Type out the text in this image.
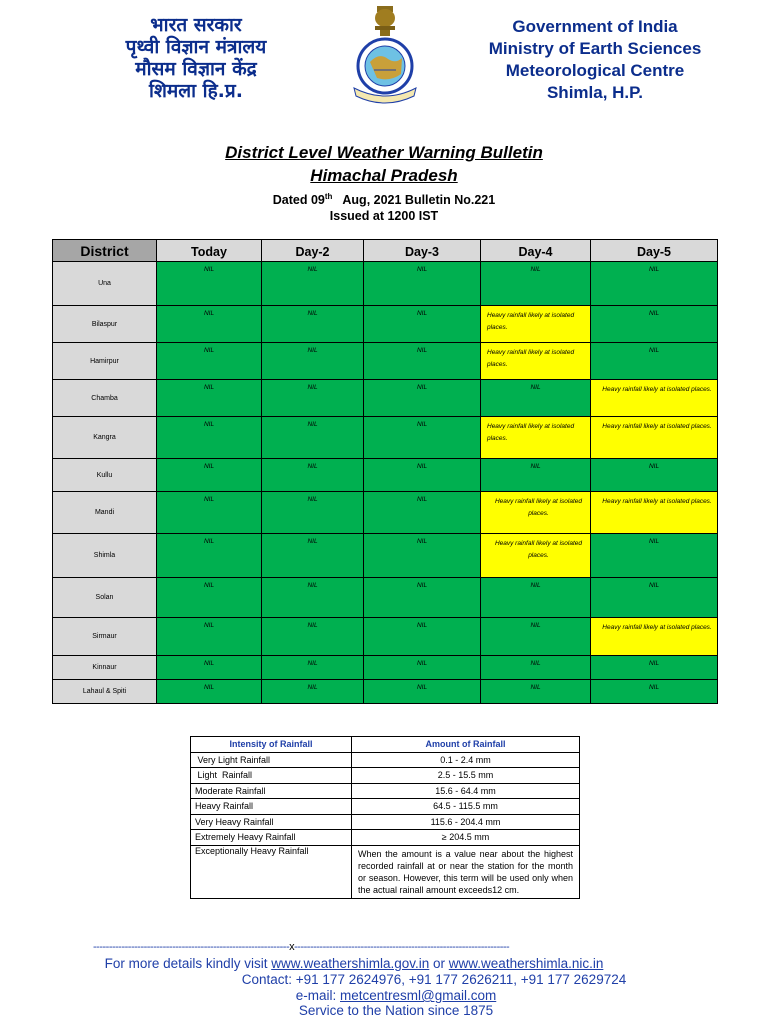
भारत सरकार
पृथ्वी विज्ञान मंत्रालय
मौसम विज्ञान केंद्र
शिमला हि.प्र.
Government of India
Ministry of Earth Sciences
Meteorological Centre
Shimla, H.P.
District Level Weather Warning Bulletin
Himachal Pradesh
Dated 09th   Aug, 2021 Bulletin No.221
Issued at 1200 IST
District	Today	Day-2	Day-3	Day-4	Day-5
Una	NIL	NIL	NIL	NIL	NIL
Bilaspur	NIL	NIL	NIL	Heavy rainfall likely at isolated places.	NIL
Hamirpur	NIL	NIL	NIL	Heavy rainfall likely at isolated places.	NIL
Chamba	NIL	NIL	NIL	NIL	Heavy rainfall likely at isolated places.
Kangra	NIL	NIL	NIL	Heavy rainfall likely at isolated places.	Heavy rainfall likely at isolated places.
Kullu	NIL	NIL	NIL	NIL	NIL
Mandi	NIL	NIL	NIL	Heavy rainfall likely at isolated places.	Heavy rainfall likely at isolated places.
Shimla	NIL	NIL	NIL	Heavy rainfall likely at isolated places.	NIL
Solan	NIL	NIL	NIL	NIL	NIL
Sirmaur	NIL	NIL	NIL	NIL	Heavy rainfall likely at isolated places.
Kinnaur	NIL	NIL	NIL	NIL	NIL
Lahaul & Spiti	NIL	NIL	NIL	NIL	NIL
Intensity of Rainfall	Amount of Rainfall
Very Light Rainfall	0.1 - 2.4 mm
Light  Rainfall	2.5 - 15.5 mm
Moderate Rainfall	15.6 - 64.4 mm
Heavy Rainfall	64.5 - 115.5 mm
Very Heavy Rainfall	115.6 - 204.4 mm
Extremely Heavy Rainfall	≥ 204.5 mm
Exceptionally Heavy Rainfall	When the amount is a value near about the highest recorded rainfall at or near the station for the month or season. However, this term will be used only when the actual rainall amount exceeds12 cm.
--------------------------------------------------------------x--------------------------------------------------------------------
For more details kindly visit www.weathershimla.gov.in or www.weathershimla.nic.in
Contact: +91 177 2624976, +91 177 2626211, +91 177 2629724
e-mail: metcentresml@gmail.com
Service to the Nation since 1875
